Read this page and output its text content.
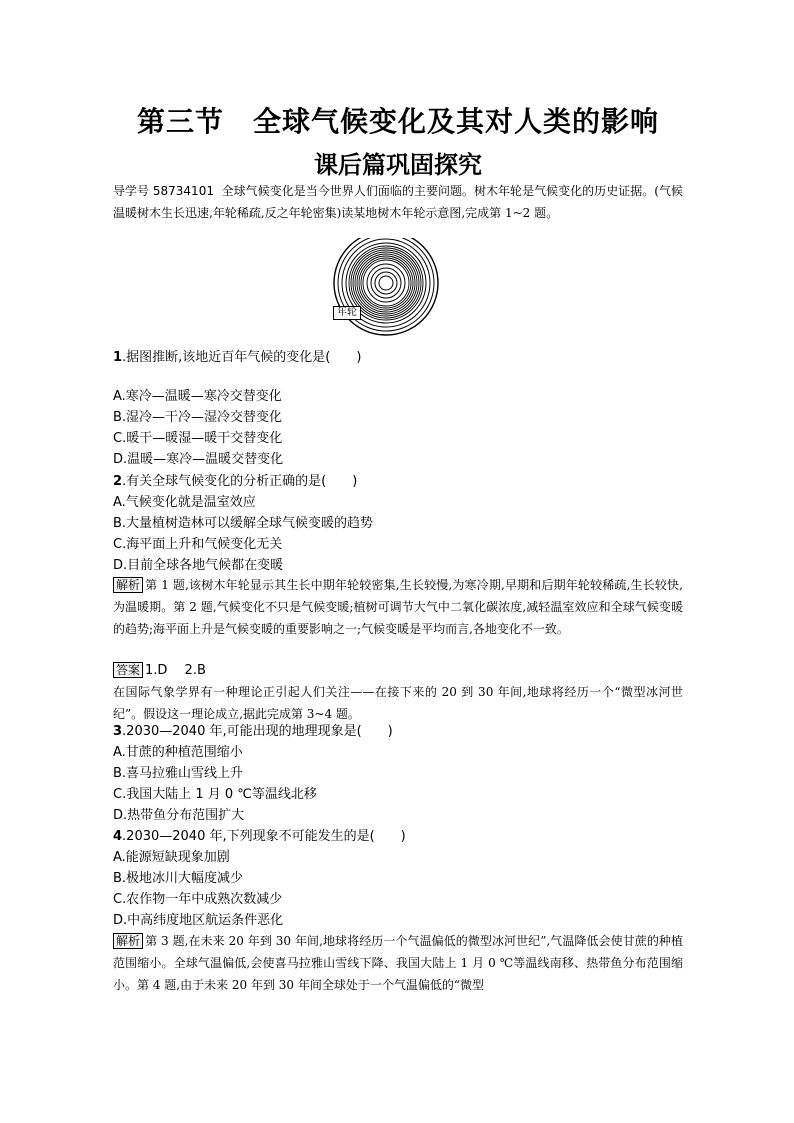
第三节　全球气候变化及其对人类的影响
课后篇巩固探究
导学号 58734101 全球气候变化是当今世界人们面临的主要问题。树木年轮是气候变化的历史证据。(气候温暖树木生长迅速,年轮稀疏,反之年轮密集)读某地树木年轮示意图,完成第 1~2 题。
年轮
1.据图推断,该地近百年气候的变化是(　　)
A.寒冷—温暖—寒冷交替变化
B.湿冷—干冷—湿冷交替变化
C.暖干—暖湿—暖干交替变化
D.温暖—寒冷—温暖交替变化
2.有关全球气候变化的分析正确的是(　　)
A.气候变化就是温室效应
B.大量植树造林可以缓解全球气候变暖的趋势
C.海平面上升和气候变化无关
D.目前全球各地气候都在变暖
解析 第 1 题,该树木年轮显示其生长中期年轮较密集,生长较慢,为寒冷期,早期和后期年轮较稀疏,生长较快,为温暖期。第 2 题,气候变化不只是气候变暖;植树可调节大气中二氧化碳浓度,减轻温室效应和全球气候变暖的趋势;海平面上升是气候变暖的重要影响之一;气候变暖是平均而言,各地变化不一致。
答案 1.D　 2.B
在国际气象学界有一种理论正引起人们关注——在接下来的 20 到 30 年间,地球将经历一个“微型冰河世纪”。假设这一理论成立,据此完成第 3~4 题。
3.2030—2040 年,可能出现的地理现象是(　　)
A.甘蔗的种植范围缩小
B.喜马拉雅山雪线上升
C.我国大陆上 1 月 0 ℃等温线北移
D.热带鱼分布范围扩大
4.2030—2040 年,下列现象不可能发生的是(　　)
A.能源短缺现象加剧
B.极地冰川大幅度减少
C.农作物一年中成熟次数减少
D.中高纬度地区航运条件恶化
解析 第 3 题,在未来 20 年到 30 年间,地球将经历一个气温偏低的微型冰河世纪”,气温降低会使甘蔗的种植范围缩小。全球气温偏低,会使喜马拉雅山雪线下降、我国大陆上 1 月 0 ℃等温线南移、热带鱼分布范围缩小。第 4 题,由于未来 20 年到 30 年间全球处于一个气温偏低的“微型
